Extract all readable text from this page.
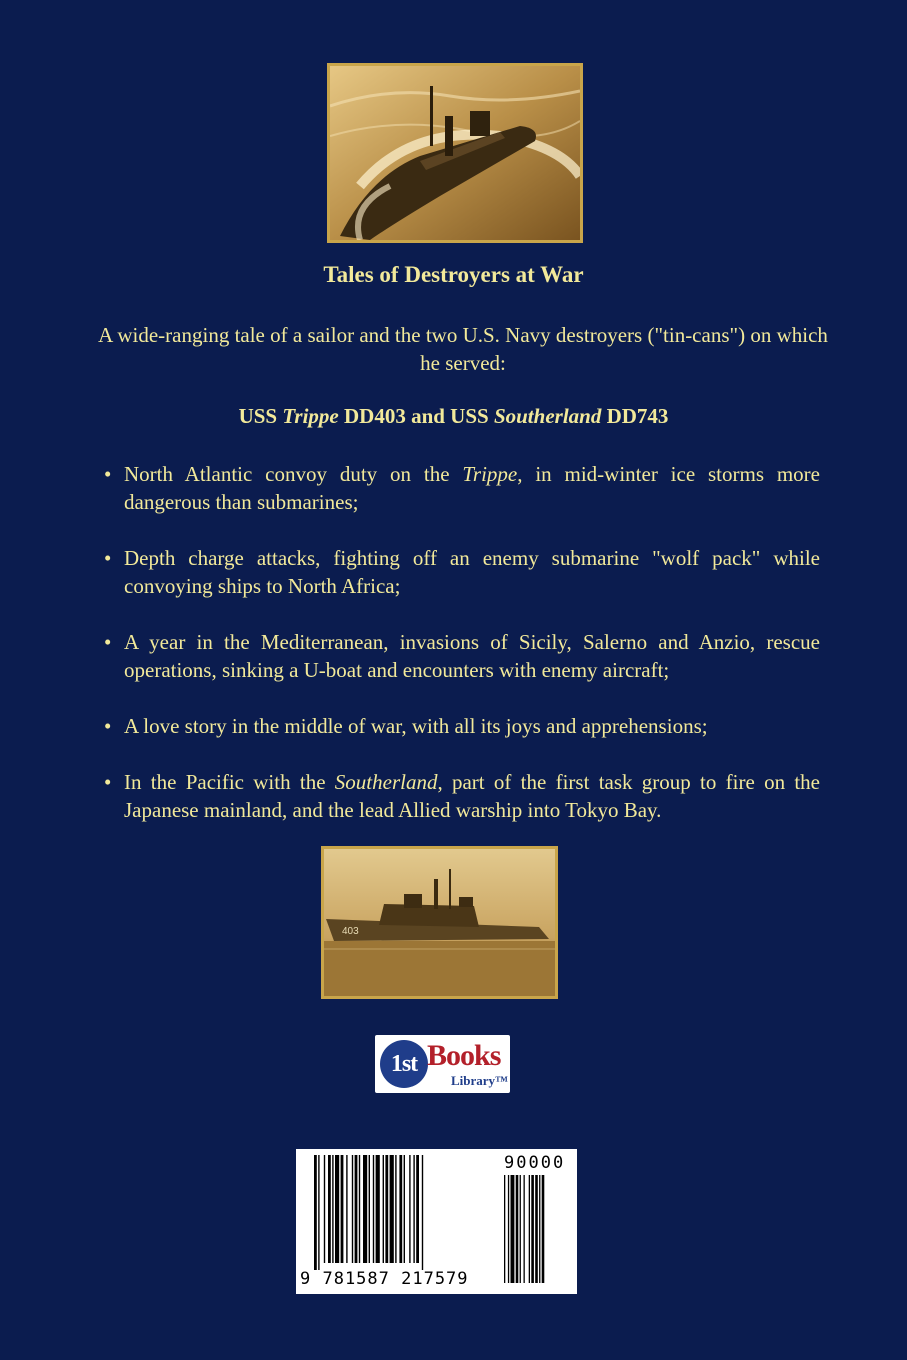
Tales of Destroyers at War
A wide-ranging tale of a sailor and the two U.S. Navy destroyers ("tin-cans") on which he served:
USS Trippe DD403 and USS Southerland DD743
• North Atlantic convoy duty on the Trippe, in mid-winter ice storms more dangerous than submarines;
• Depth charge attacks, fighting off an enemy submarine "wolf pack" while convoying ships to North Africa;
• A year in the Mediterranean, invasions of Sicily, Salerno and Anzio, rescue operations, sinking a U-boat and encounters with enemy aircraft;
• A love story in the middle of war, with all its joys and apprehensions;
• In the Pacific with the Southerland, part of the first task group to fire on the Japanese mainland, and the lead Allied warship into Tokyo Bay.
403
1st Books
Library™
9 781587 217579
90000
